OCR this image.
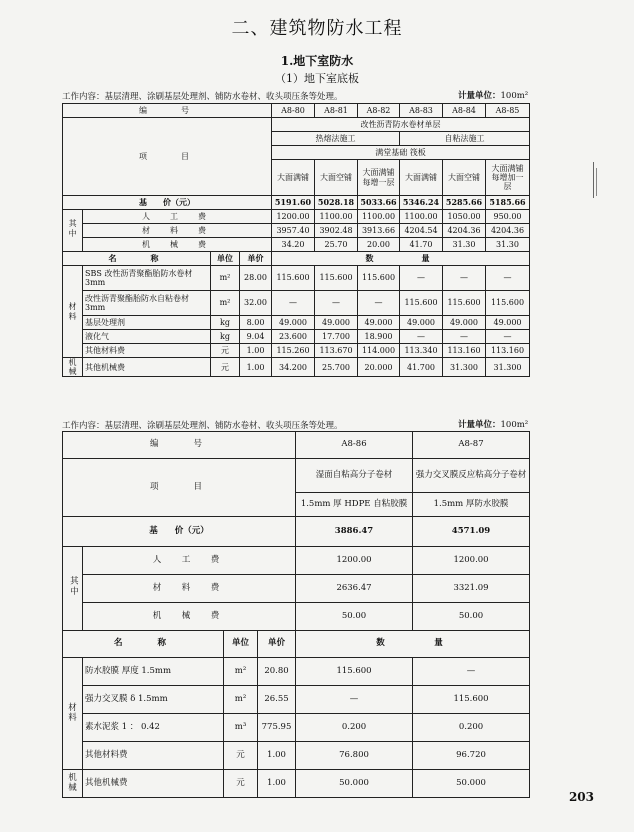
二、建筑物防水工程
1.地下室防水
（1）地下室底板
工作内容：基层清理、涂刷基层处理剂、铺防水卷材、收头项压条等处理。	计量单位：100m²
编　　号				A8-80	A8-81	A8-82	A8-83	A8-84	A8-85
项　　目				改性沥青防水卷材单层					
				热熔法施工			自粘法施工		
				满堂基础 筏板					
				大面满铺	大面空铺	大面满铺每增一层	大面满铺	大面空铺	大面满铺每增加一层
基　　价（元）				5191.60	5028.18	5033.66	5346.24	5285.66	5185.66
其中	人　工　费			1200.00	1100.00	1100.00	1100.00	1050.00	950.00
	材　料　费			3957.40	3902.48	3913.66	4204.54	4204.36	4204.36
	机　械　费			34.20	25.70	20.00	41.70	31.30	31.30
名　　称		单位	单价	数　　　量					
材料	SBS 改性沥青聚酯胎防水卷材 3mm	m²	28.00	115.600	115.600	115.600	—	—	—
	改性沥青聚酯胎防水自粘卷材 3mm	m²	32.00	—	—	—	115.600	115.600	115.600
	基层处理剂	kg	8.00	49.000	49.000	49.000	49.000	49.000	49.000
	液化气	kg	9.04	23.600	17.700	18.900	—	—	—
	其他材料费	元	1.00	115.260	113.670	114.000	113.340	113.160	113.160
机械	其他机械费	元	1.00	34.200	25.700	20.000	41.700	31.300	31.300
工作内容：基层清理、涂刷基层处理剂、铺防水卷材、收头项压条等处理。	计量单位：100m²
编　　号				A8-86	A8-87
项　　目				湿面自粘高分子卷材	强力交叉膜反应粘高分子卷材
				1.5mm 厚 HDPE 自粘胶膜	1.5mm 厚防水胶膜
基　　价（元）				3886.47	4571.09
其中	人　工　费			1200.00	1200.00
	材　料　费			2636.47	3321.09
	机　械　费			50.00	50.00
名　　称		单位	单价	数　　　量	
材料	防水胶膜 厚度 1.5mm	m²	20.80	115.600	—
	强力交叉膜 δ 1.5mm	m²	26.55	—	115.600
	素水泥浆 1 ： 0.42	m³	775.95	0.200	0.200
	其他材料费	元	1.00	76.800	96.720
机械	其他机械费	元	1.00	50.000	50.000
203
